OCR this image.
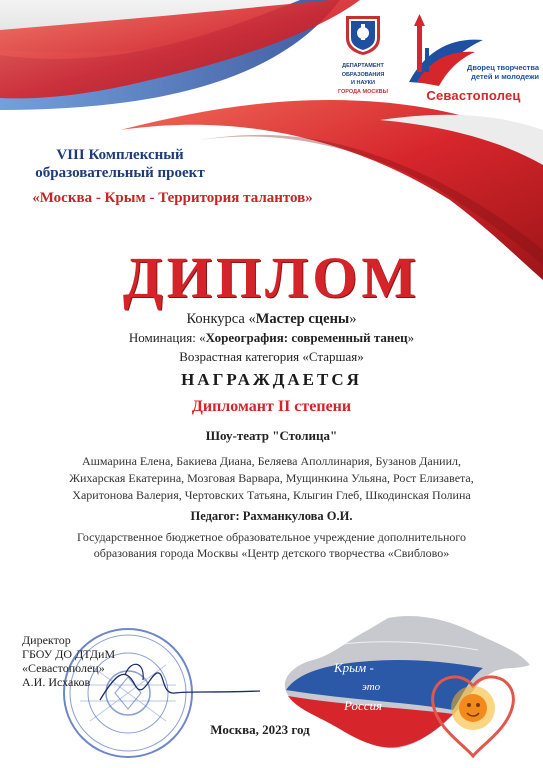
ДЕПАРТАМЕНТ
ОБРАЗОВАНИЯ
И НАУКИ
ГОРОДА МОСКВЫ
Дворец творчества
детей и молодежи
Севастополец
VIII Комплексный
образовательный проект
«Москва - Крым - Территория талантов»
ДИПЛОМ
Конкурса «Мастер сцены»
Номинация: «Хореография: современный танец»
Возрастная категория «Старшая»
НАГРАЖДАЕТСЯ
Дипломант II степени
Шоу-театр "Столица"
Ашмарина Елена, Бакиева Диана, Беляева Аполлинария, Бузанов Даниил,
Жихарская Екатерина, Мозговая Варвара, Мущинкина Ульяна, Рост Елизавета,
Харитонова Валерия, Чертовских Татьяна, Клыгин Глеб, Шкодинская Полина
Педагог: Рахманкулова О.И.
Государственное бюджетное образовательное учреждение дополнительного
образования города Москвы «Центр детского творчества «Свиблово»
Директор
ГБОУ ДО ДТДиМ
«Севастополец»
А.И. Исхаков
Москва, 2023 год
Крым -
это
Россия
